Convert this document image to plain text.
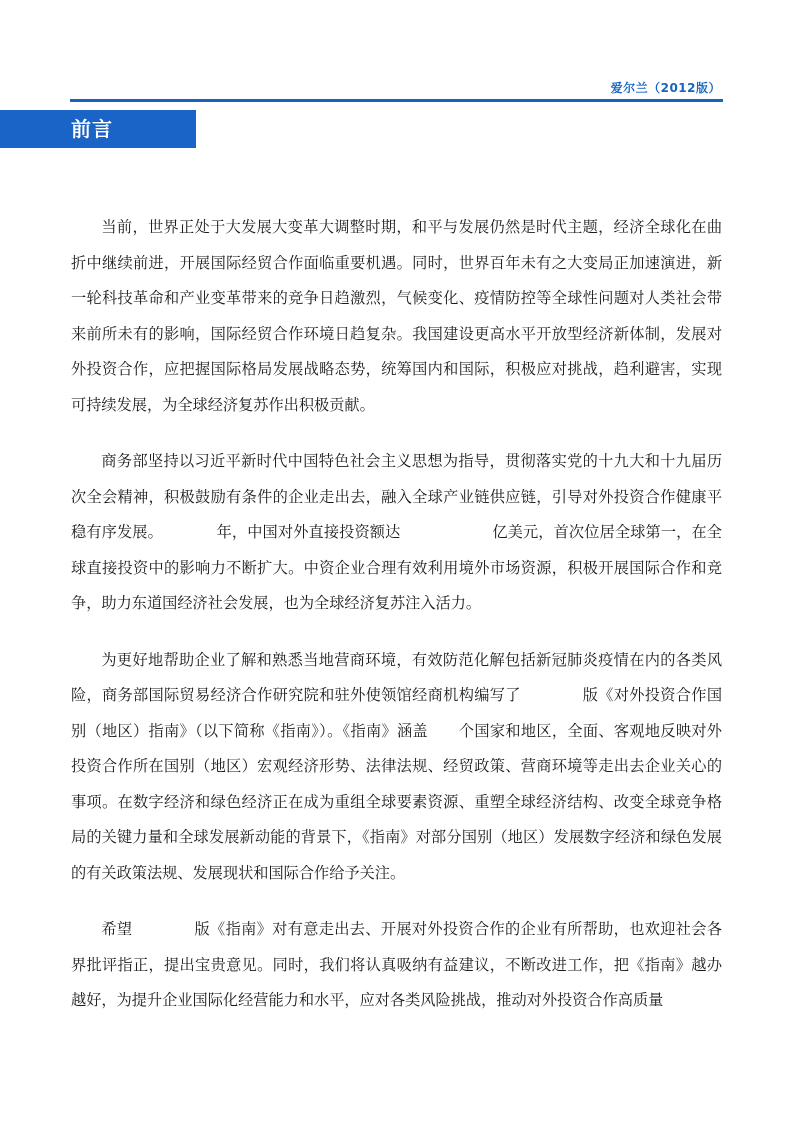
爱尔兰（2012版）
前言

当前，世界正处于大发展大变革大调整时期，和平与发展仍然是时代主题，经济全球化在曲折中继续前进，开展国际经贸合作面临重要机遇。同时，世界百年未有之大变局正加速演进，新一轮科技革命和产业变革带来的竞争日趋激烈，气候变化、疫情防控等全球性问题对人类社会带来前所未有的影响，国际经贸合作环境日趋复杂。我国建设更高水平开放型经济新体制，发展对外投资合作，应把握国际格局发展战略态势，统筹国内和国际，积极应对挑战，趋利避害，实现可持续发展，为全球经济复苏作出积极贡献。

商务部坚持以习近平新时代中国特色社会主义思想为指导，贯彻落实党的十九大和十九届历次全会精神，积极鼓励有条件的企业走出去，融入全球产业链供应链，引导对外投资合作健康平稳有序发展。　　　　年，中国对外直接投资额达　　　　　　亿美元，首次位居全球第一，在全球直接投资中的影响力不断扩大。中资企业合理有效利用境外市场资源，积极开展国际合作和竞争，助力东道国经济社会发展，也为全球经济复苏注入活力。

为更好地帮助企业了解和熟悉当地营商环境，有效防范化解包括新冠肺炎疫情在内的各类风险，商务部国际贸易经济合作研究院和驻外使领馆经商机构编写了　　　　版《对外投资合作国别（地区）指南》（以下简称《指南》）。《指南》涵盖　　个国家和地区，全面、客观地反映对外投资合作所在国别（地区）宏观经济形势、法律法规、经贸政策、营商环境等走出去企业关心的事项。在数字经济和绿色经济正在成为重组全球要素资源、重塑全球经济结构、改变全球竞争格局的关键力量和全球发展新动能的背景下，《指南》对部分国别（地区）发展数字经济和绿色发展的有关政策法规、发展现状和国际合作给予关注。

希望　　　　版《指南》对有意走出去、开展对外投资合作的企业有所帮助，也欢迎社会各界批评指正，提出宝贵意见。同时，我们将认真吸纳有益建议，不断改进工作，把《指南》越办越好，为提升企业国际化经营能力和水平，应对各类风险挑战，推动对外投资合作高质量
